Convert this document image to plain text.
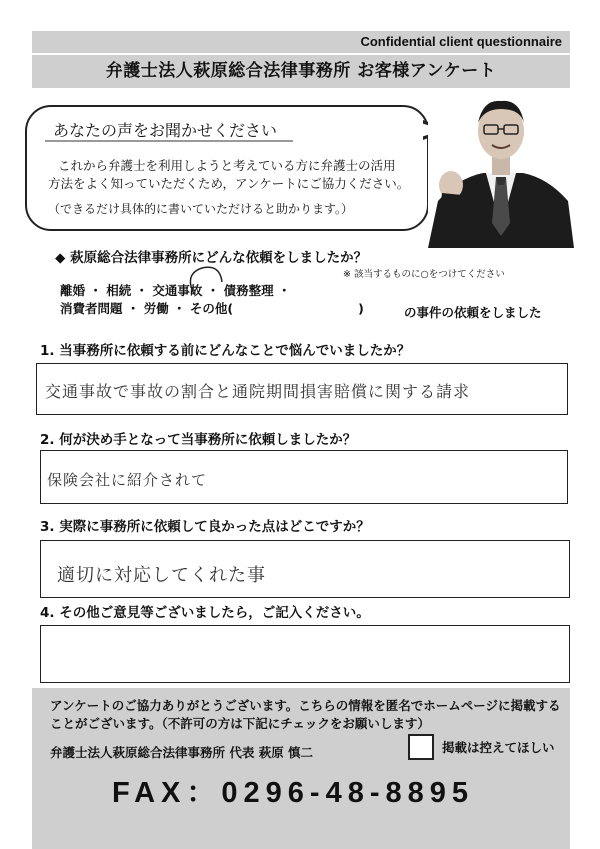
Confidential client questionnaire
弁護士法人萩原総合法律事務所 お客様アンケート
あなたの声をお聞かせください
これから弁護士を利用しようと考えている方に弁護士の活用
方法をよく知っていただくため，アンケートにご協力ください。
（できるだけ具体的に書いていただけると助かります。）
◆ 萩原総合法律事務所にどんな依頼をしましたか？
※ 該当するものに○をつけてください
離婚 ・ 相続 ・ 交通事故 ・ 債務整理 ・
消費者問題 ・ 労働 ・ その他(　　　　　　　　　　)	の事件の依頼をしました
1. 当事務所に依頼する前にどんなことで悩んでいましたか？
交通事故で事故の割合と通院期間損害賠償に関する請求
2. 何が決め手となって当事務所に依頼しましたか？
保険会社に紹介されて
3. 実際に事務所に依頼して良かった点はどこですか？
適切に対応してくれた事
4. その他ご意見等ございましたら，ご記入ください。
アンケートのご協力ありがとうございます。こちらの情報を匿名でホームページに掲載する
ことがございます。（不許可の方は下記にチェックをお願いします）
弁護士法人萩原総合法律事務所 代表 萩原 慎二	掲載は控えてほしい
FAX：0296-48-8895
